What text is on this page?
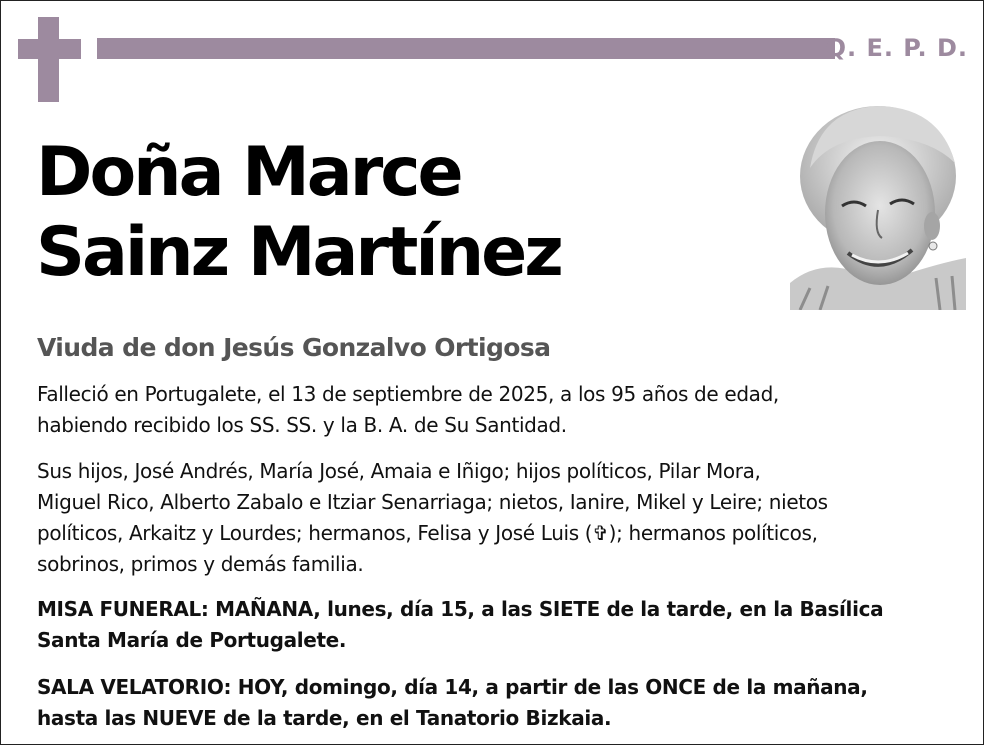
Q. E. P. D.
Doña Marce
Sainz Martínez
Viuda de don Jesús Gonzalvo Ortigosa
Falleció en Portugalete, el 13 de septiembre de 2025, a los 95 años de edad,
habiendo recibido los SS. SS. y la B. A. de Su Santidad.
Sus hijos, José Andrés, María José, Amaia e Iñigo; hijos políticos, Pilar Mora,
Miguel Rico, Alberto Zabalo e Itziar Senarriaga; nietos, Ianire, Mikel y Leire; nietos
políticos, Arkaitz y Lourdes; hermanos, Felisa y José Luis (✞); hermanos políticos,
sobrinos, primos y demás familia.
MISA FUNERAL: MAÑANA, lunes, día 15, a las SIETE de la tarde, en la Basílica
Santa María de Portugalete.
SALA VELATORIO: HOY, domingo, día 14, a partir de las ONCE de la mañana,
hasta las NUEVE de la tarde, en el Tanatorio Bizkaia.
